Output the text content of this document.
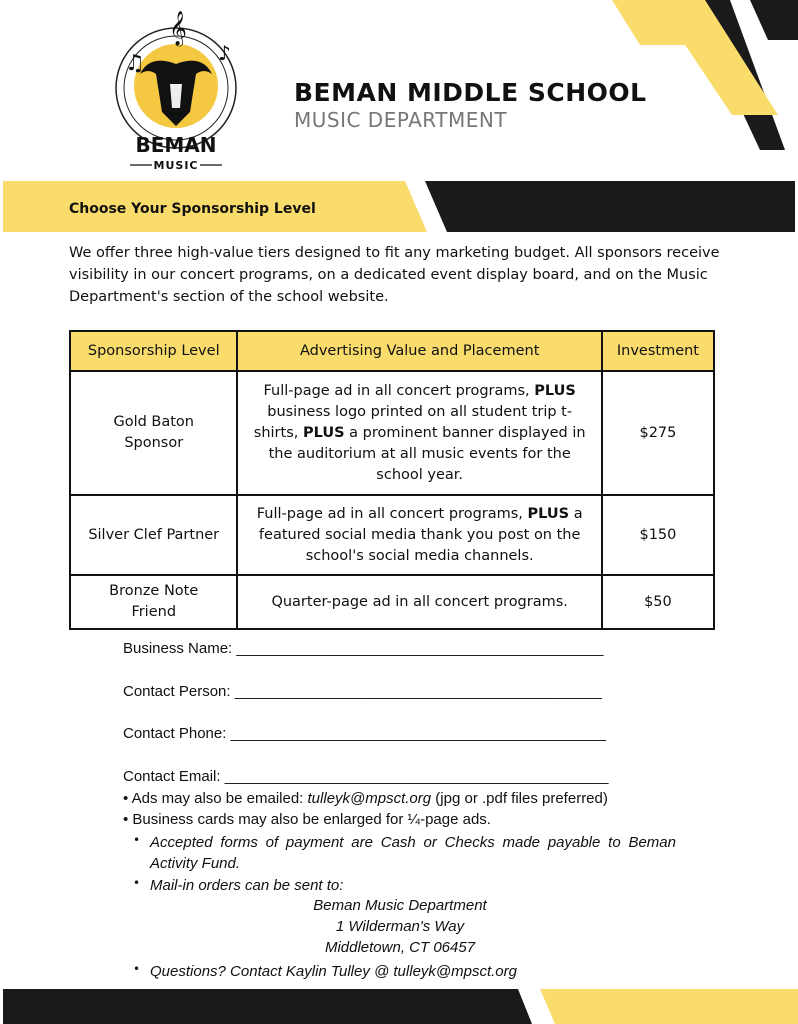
𝄞
♫	♪
BEMAN
MUSIC
BEMAN MIDDLE SCHOOL
MUSIC DEPARTMENT
Choose Your Sponsorship Level

We offer three high-value tiers designed to fit any marketing budget. All sponsors receive visibility in our concert programs, on a dedicated event display board, and on the Music Department's section of the school website.

Sponsorship Level	Advertising Value and Placement	Investment
Gold Baton Sponsor	Full-page ad in all concert programs, PLUS business logo printed on all student trip t-shirts, PLUS a prominent banner displayed in the auditorium at all music events for the school year.	$275
Silver Clef Partner	Full-page ad in all concert programs, PLUS a featured social media thank you post on the school's social media channels.	$150
Bronze Note Friend	Quarter-page ad in all concert programs.	$50
Business Name: ____________________________________________
Contact Person: ____________________________________________
Contact Phone: _____________________________________________
Contact Email: ______________________________________________
• Ads may also be emailed: tulleyk@mpsct.org (jpg or .pdf files preferred)
• Business cards may also be enlarged for ¼-page ads.
• Accepted forms of payment are Cash or Checks made payable to Beman Activity Fund.
• Mail-in orders can be sent to:
Beman Music Department
1 Wilderman's Way
Middletown, CT 06457
• Questions? Contact Kaylin Tulley @ tulleyk@mpsct.org
